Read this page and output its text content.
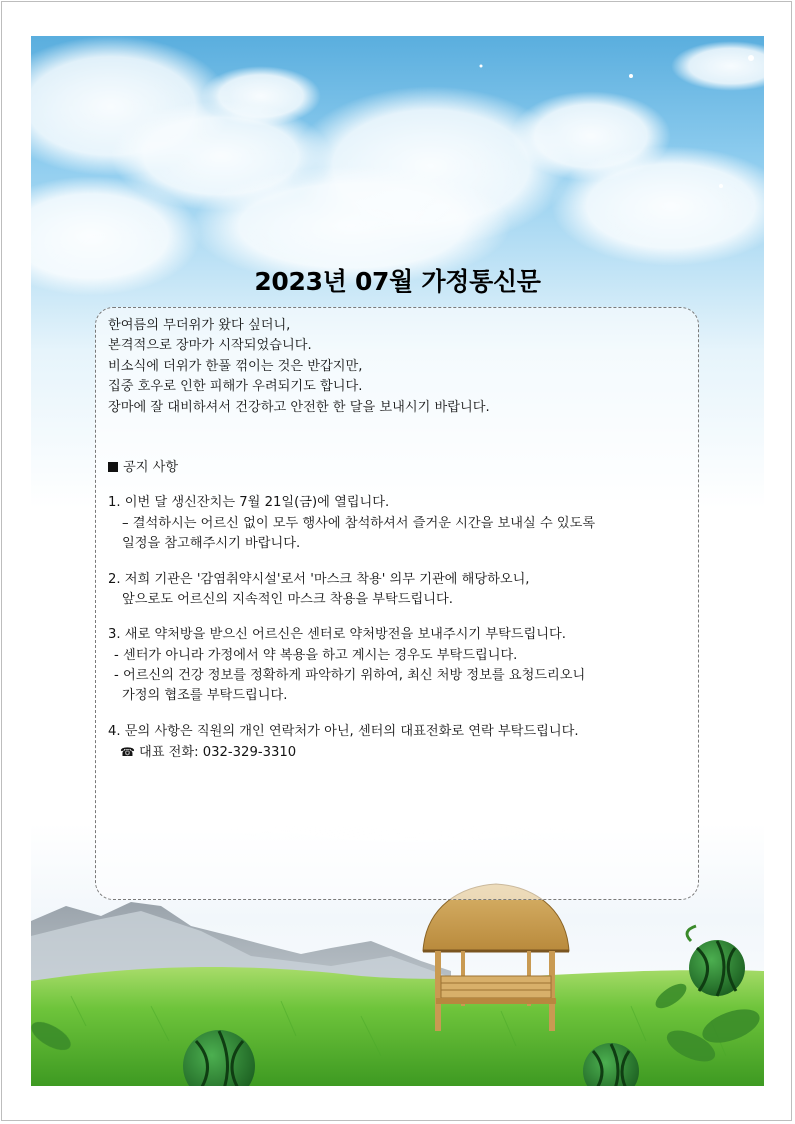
2023년 07월 가정통신문
한여름의 무더위가 왔다 싶더니,
본격적으로 장마가 시작되었습니다.
비소식에 더위가 한풀 꺾이는 것은 반갑지만,
집중 호우로 인한 피해가 우려되기도 합니다.
장마에 잘 대비하셔서 건강하고 안전한 한 달을 보내시기 바랍니다.
공지 사항
1. 이번 달 생신잔치는 7월 21일(금)에 열립니다.
– 결석하시는 어르신 없이 모두 행사에 참석하셔서 즐거운 시간을 보내실 수 있도록
일정을 참고해주시기 바랍니다.
2. 저희 기관은 '감염취약시설'로서 '마스크 착용' 의무 기관에 해당하오니,
앞으로도 어르신의 지속적인 마스크 착용을 부탁드립니다.
3. 새로 약처방을 받으신 어르신은 센터로 약처방전을 보내주시기 부탁드립니다.
- 센터가 아니라 가정에서 약 복용을 하고 계시는 경우도 부탁드립니다.
- 어르신의 건강 정보를 정확하게 파악하기 위하여, 최신 처방 정보를 요청드리오니
가정의 협조를 부탁드립니다.
4. 문의 사항은 직원의 개인 연락처가 아닌, 센터의 대표전화로 연락 부탁드립니다.
☎ 대표 전화: 032-329-3310
